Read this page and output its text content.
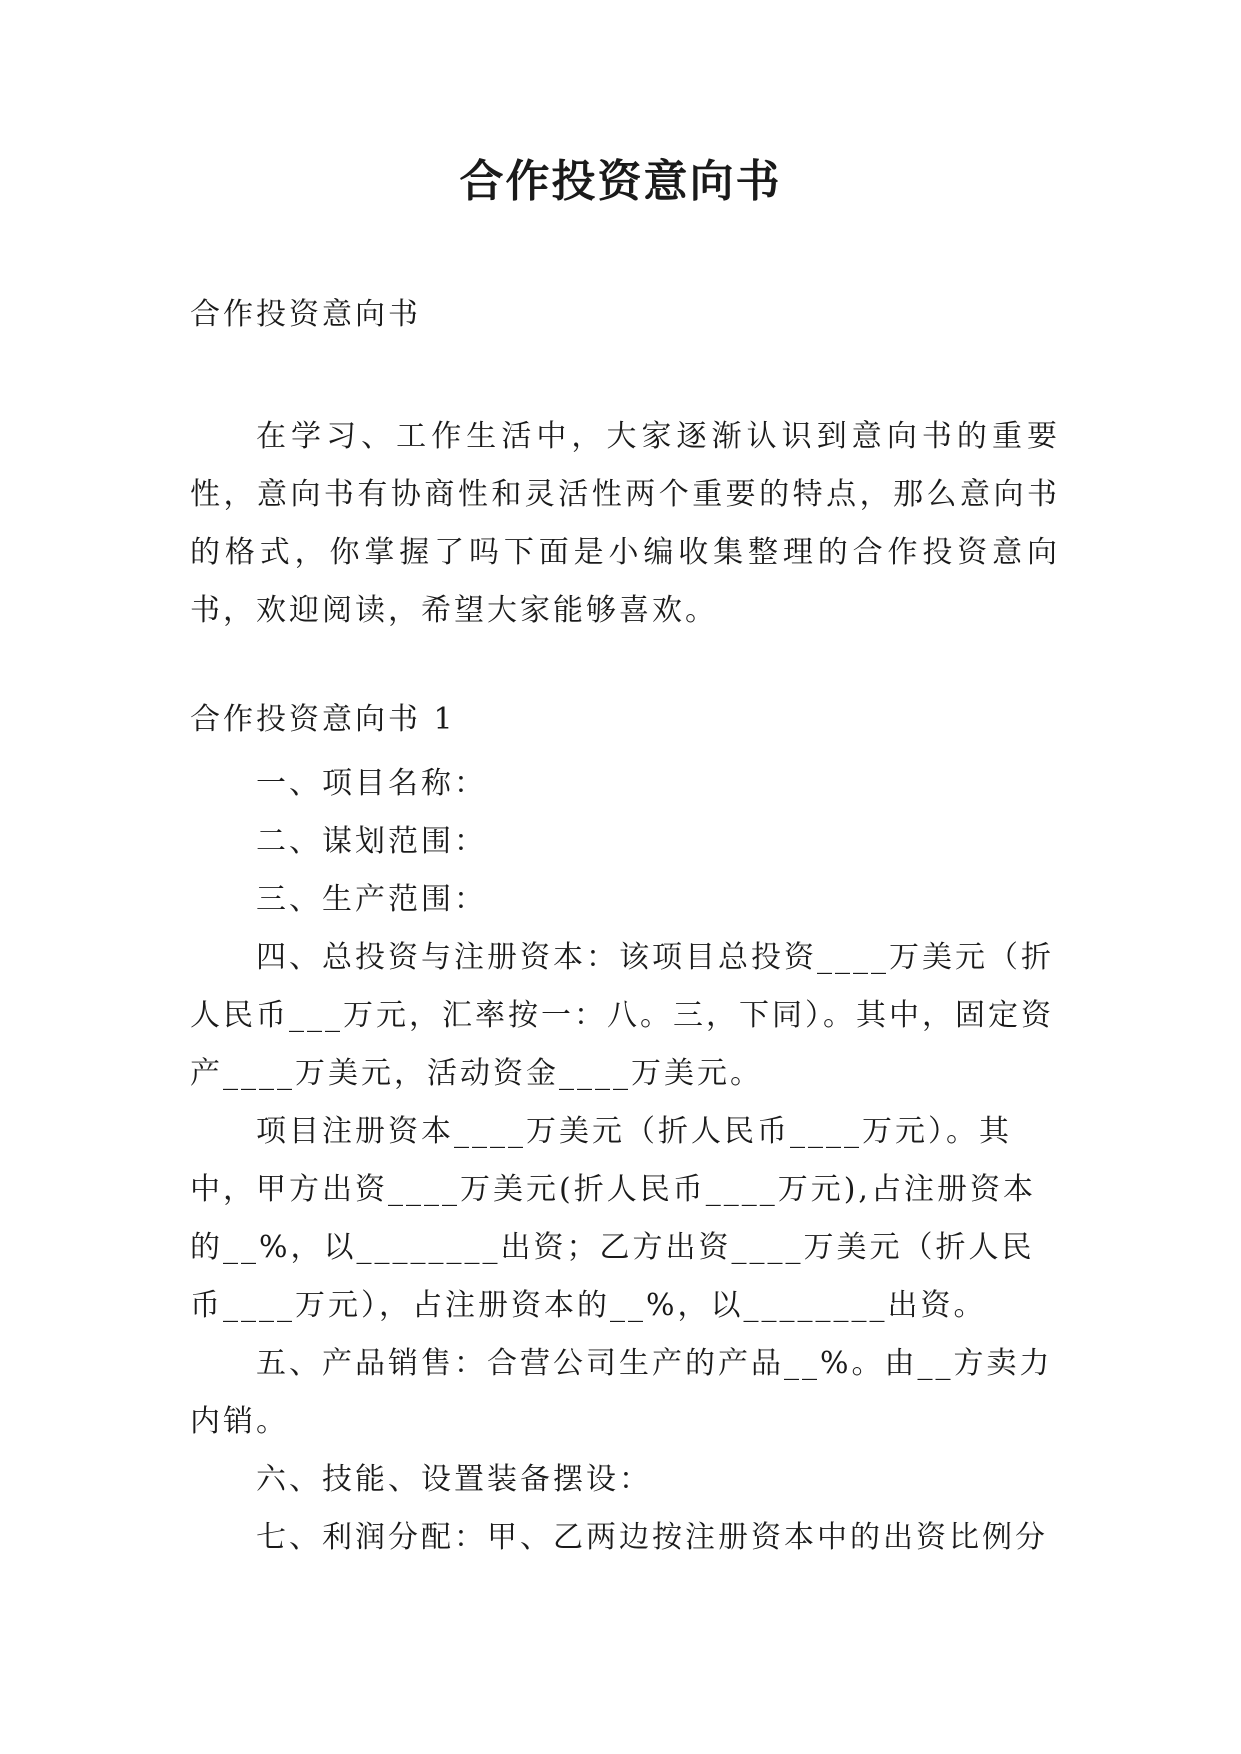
合作投资意向书
合作投资意向书
在学习、工作生活中，大家逐渐认识到意向书的重要性，意向书有协商性和灵活性两个重要的特点，那么意向书的格式，你掌握了吗下面是小编收集整理的合作投资意向书，欢迎阅读，希望大家能够喜欢。
合作投资意向书 1

一、项目名称：

二、谋划范围：

三、生产范围：

四、总投资与注册资本：该项目总投资____万美元（折人民币___万元，汇率按一：八。三，下同）。其中，固定资产____万美元，活动资金____万美元。

项目注册资本____万美元（折人民币____万元）。其中，甲方出资____万美元(折人民币____万元),占注册资本的__%，以________出资；乙方出资____万美元（折人民币____万元），占注册资本的__%，以________出资。

五、产品销售：合营公司生产的产品__%。由__方卖力内销。

六、技能、设置装备摆设：

七、利润分配：甲、乙两边按注册资本中的出资比例分
